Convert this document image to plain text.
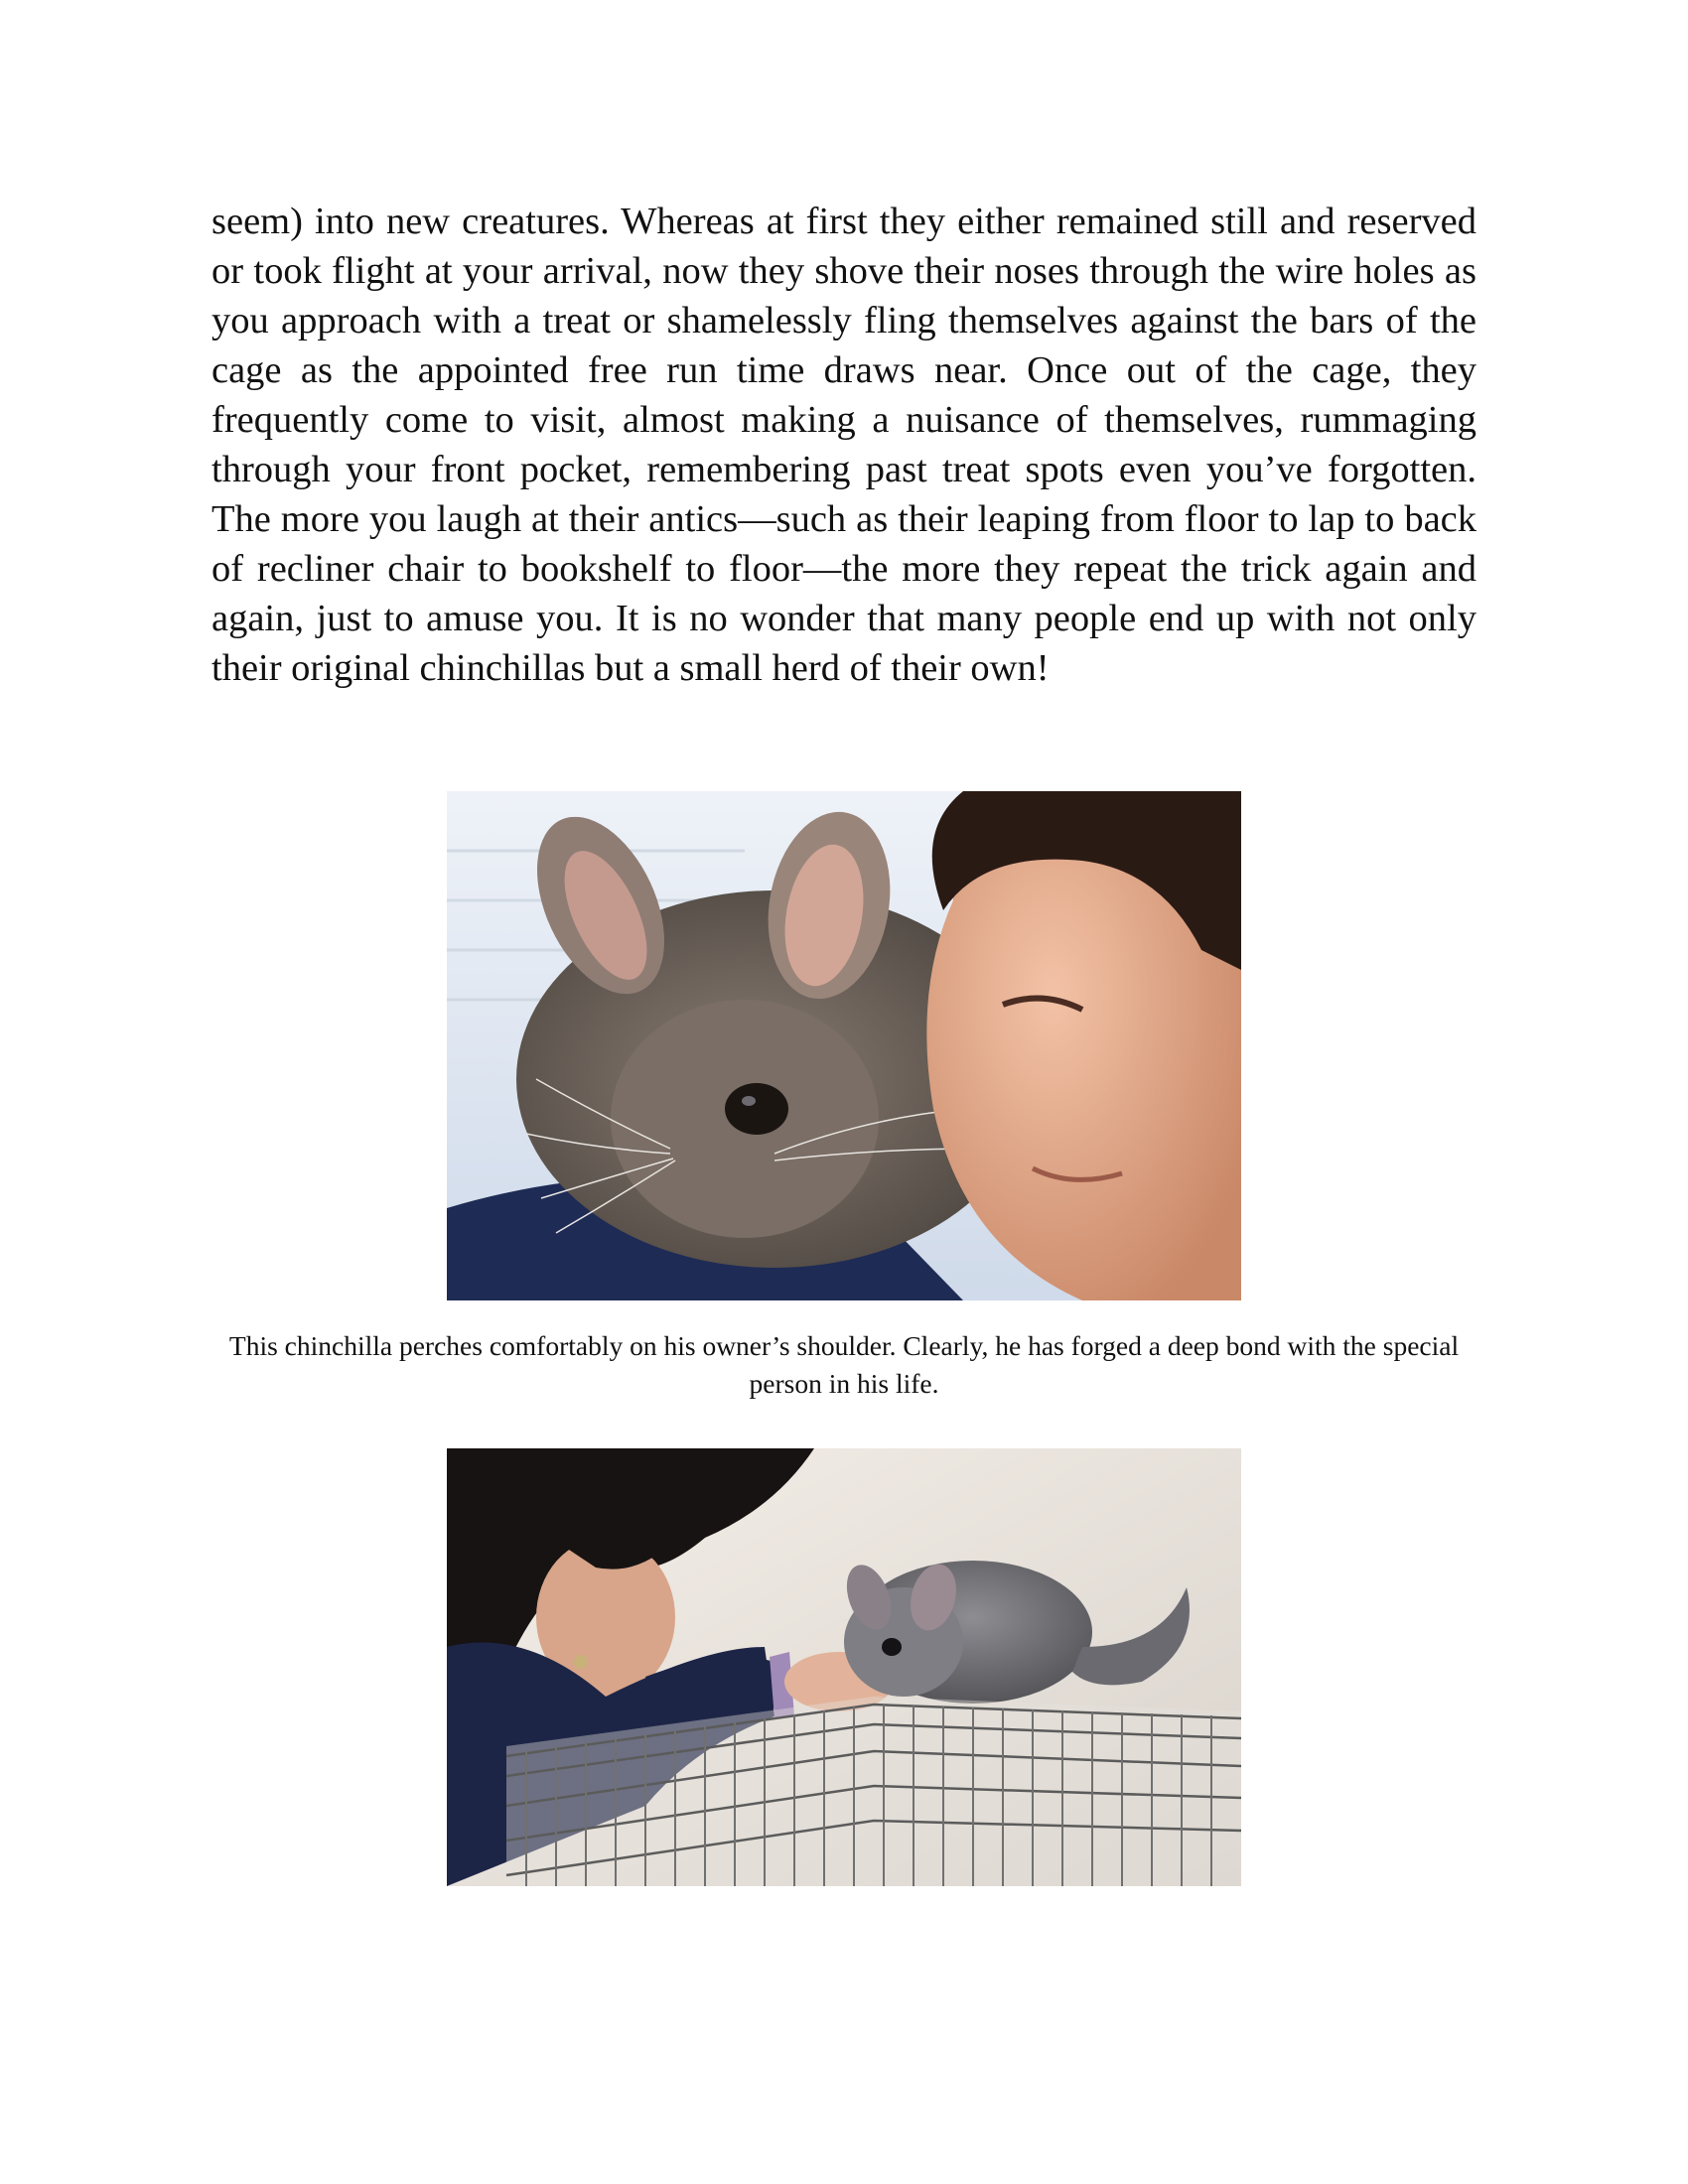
seem) into new creatures. Whereas at first they either remained still and reserved or took flight at your arrival, now they shove their noses through the wire holes as you approach with a treat or shamelessly fling themselves against the bars of the cage as the appointed free run time draws near. Once out of the cage, they frequently come to visit, almost making a nuisance of themselves, rummaging through your front pocket, remembering past treat spots even you’ve forgotten. The more you laugh at their antics—such as their leaping from floor to lap to back of recliner chair to bookshelf to floor—the more they repeat the trick again and again, just to amuse you. It is no wonder that many people end up with not only their original chinchillas but a small herd of their own!

This chinchilla perches comfortably on his owner’s shoulder. Clearly, he has forged a deep bond with the special person in his life.
